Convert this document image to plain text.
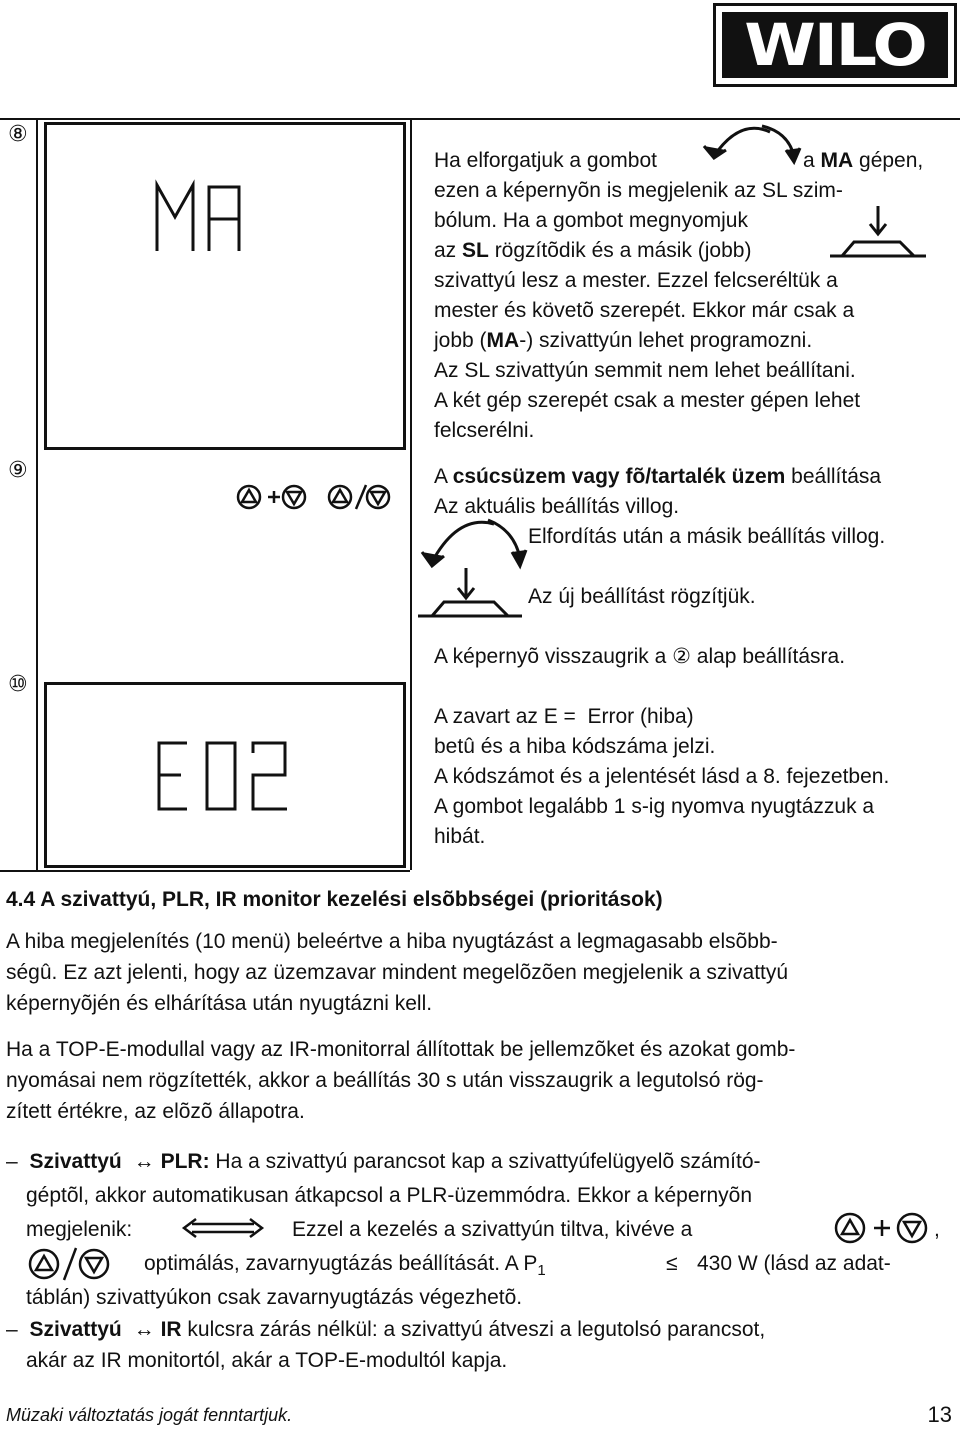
WILO
⑧
⑨
⑩
Ha elforgatjuk a gombot	a MA gépen,
ezen a képernyõn is megjelenik az SL szim-
bólum. Ha a gombot megnyomjuk
az SL rögzítõdik és a másik (jobb)
szivattyú lesz a mester. Ezzel felcseréltük a
mester és követõ szerepét. Ekkor már csak a
jobb (MA-) szivattyún lehet programozni.
Az SL szivattyún semmit nem lehet beállítani.
A két gép szerepét csak a mester gépen lehet
felcserélni.
A csúcsüzem vagy fõ/tartalék üzem beállítása
Az aktuális beállítás villog.
Elfordítás után a másik beállítás villog.
Az új beállítást rögzítjük.
A képernyõ visszaugrik a ② alap beállításra.
A zavart az E =  Error (hiba)
betû és a hiba kódszáma jelzi.
A kódszámot és a jelentését lásd a 8. fejezetben.
A gombot legalább 1 s-ig nyomva nyugtázzuk a
hibát.
4.4 A szivattyú, PLR, IR monitor kezelési elsõbbségei (prioritások)
A hiba megjelenítés (10 menü) beleértve a hiba nyugtázást a legmagasabb elsõbb-
ségû. Ez azt jelenti, hogy az üzemzavar mindent megelõzõen megjelenik a szivattyú
képernyõjén és elhárítása után nyugtázni kell.
Ha a TOP-E-modullal vagy az IR-monitorral állítottak be jellemzõket és azokat gomb-
nyomásai nem rögzítették, akkor a beállítás 30 s után visszaugrik a legutolsó rög-
zített értékre, az elõzõ állapotra.
– Szivattyú ↔ PLR: Ha a szivattyú parancsot kap a szivattyúfelügyelõ számító-
géptõl, akkor automatikusan átkapcsol a PLR-üzemmódra. Ekkor a képernyõn
megjelenik:	Ezzel a kezelés a szivattyún tiltva, kivéve a	,
optimálás, zavarnyugtázás beállítását. A $P_1$	≤ 430 W (lásd az adat-
táblán) szivattyúkon csak zavarnyugtázás végezhetõ.
– Szivattyú ↔ IR kulcsra zárás nélkül: a szivattyú átveszi a legutolsó parancsot,
akár az IR monitortól, akár a TOP-E-modultól kapja.
Müzaki változtatás jogát fenntartjuk.	13
